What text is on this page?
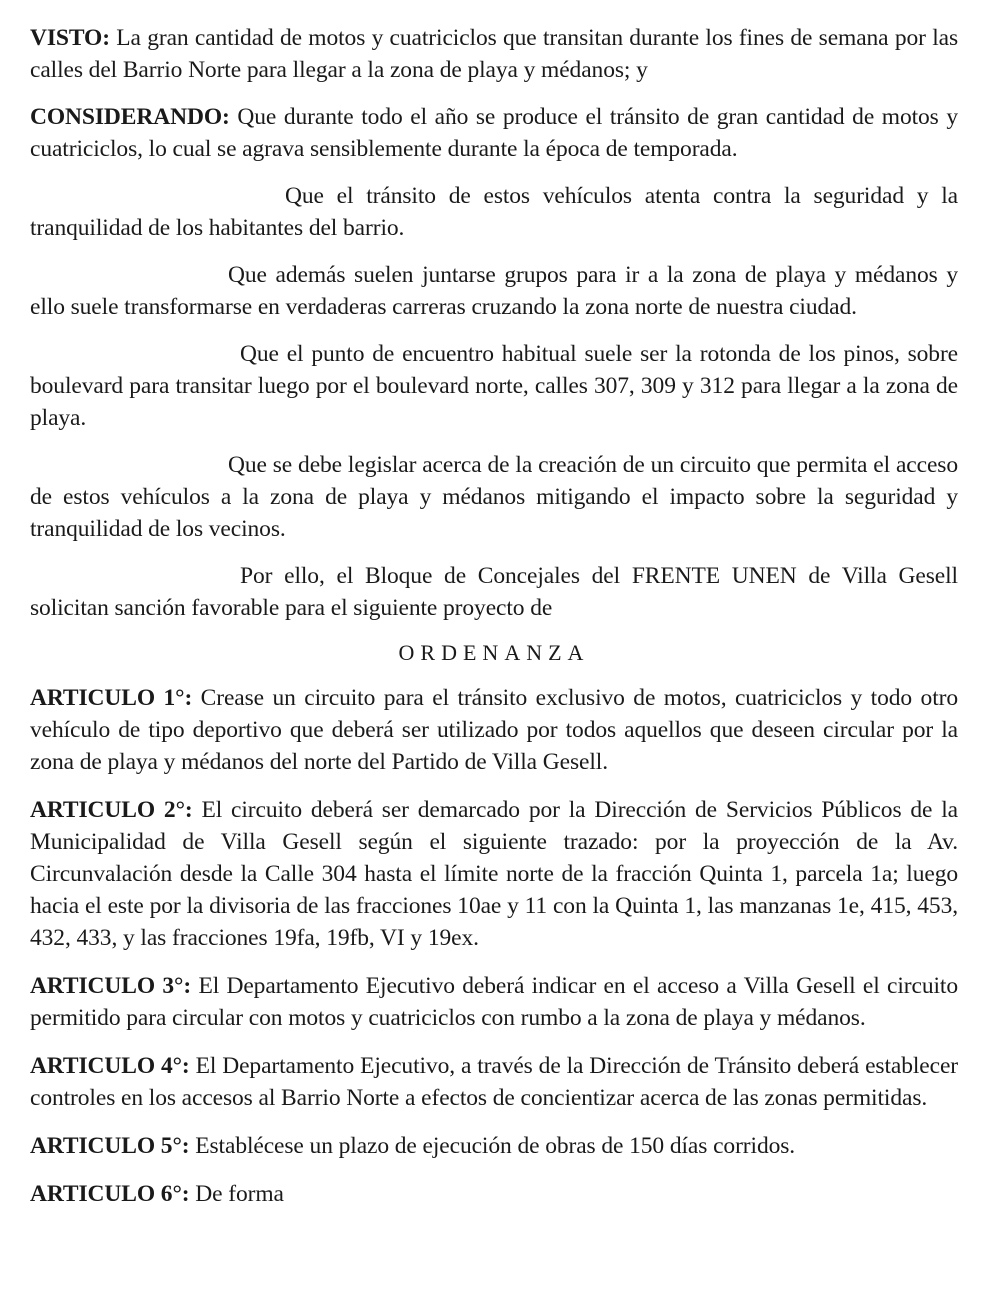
VISTO: La gran cantidad de motos y cuatriciclos que transitan durante los fines de semana por las calles del Barrio Norte para llegar a la zona de playa y médanos; y

CONSIDERANDO: Que durante todo el año se produce el tránsito de gran cantidad de motos y cuatriciclos, lo cual se agrava sensiblemente durante la época de temporada.

Que el tránsito de estos vehículos atenta contra la seguridad y la tranquilidad de los habitantes del barrio.

Que además suelen juntarse grupos para ir a la zona de playa y médanos y ello suele transformarse en verdaderas carreras cruzando la zona norte de nuestra ciudad.

Que el punto de encuentro habitual suele ser la rotonda de los pinos, sobre boulevard para transitar luego por el boulevard norte, calles 307, 309 y 312 para llegar a la zona de playa.

Que se debe legislar acerca de la creación de un circuito que permita el acceso de estos vehículos a la zona de playa y médanos mitigando el impacto sobre la seguridad y tranquilidad de los vecinos.

Por ello, el Bloque de Concejales del FRENTE UNEN de Villa Gesell solicitan sanción favorable para el siguiente proyecto de

ORDENANZA

ARTICULO 1°: Crease un circuito para el tránsito exclusivo de motos, cuatriciclos y todo otro vehículo de tipo deportivo que deberá ser utilizado por todos aquellos que deseen circular por la zona de playa y médanos del norte del Partido de Villa Gesell.

ARTICULO 2°: El circuito deberá ser demarcado por la Dirección de Servicios Públicos de la Municipalidad de Villa Gesell según el siguiente trazado: por la proyección de la Av. Circunvalación desde la Calle 304 hasta el límite norte de la fracción Quinta 1, parcela 1a; luego hacia el este por la divisoria de las fracciones 10ae y 11 con la Quinta 1, las manzanas 1e, 415, 453, 432, 433, y las fracciones 19fa, 19fb, VI y 19ex.

ARTICULO 3°: El Departamento Ejecutivo deberá indicar en el acceso a Villa Gesell el circuito permitido para circular con motos y cuatriciclos con rumbo a la zona de playa y médanos.

ARTICULO 4°: El Departamento Ejecutivo, a través de la Dirección de Tránsito deberá establecer controles en los accesos al Barrio Norte a efectos de concientizar acerca de las zonas permitidas.

ARTICULO 5°: Establécese un plazo de ejecución de obras de 150 días corridos.

ARTICULO 6°: De forma
